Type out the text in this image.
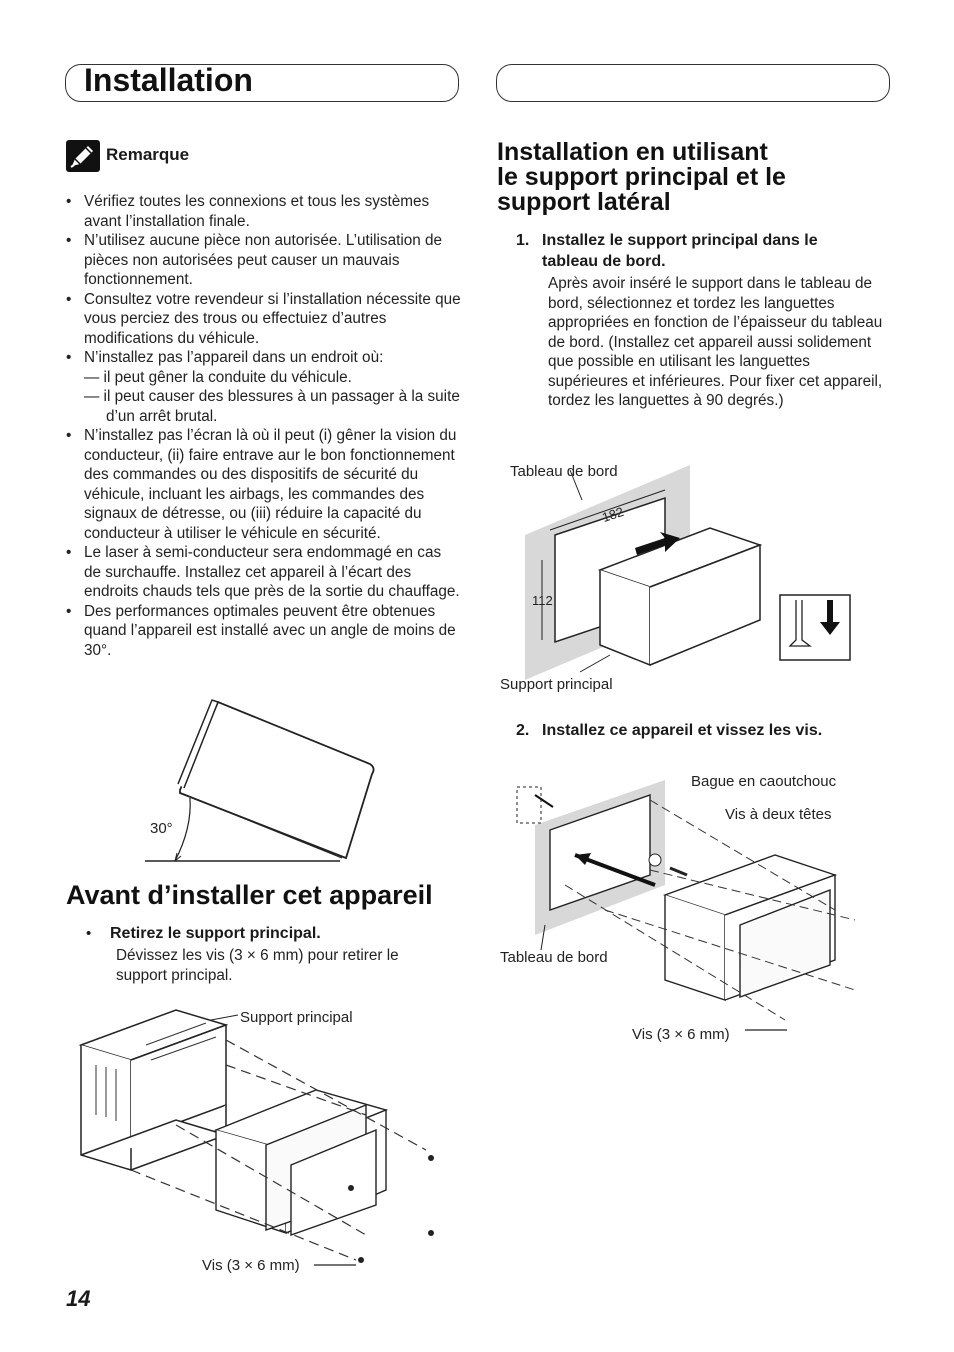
Installation
Remarque
• Vérifiez toutes les connexions et tous les systèmes avant l’installation finale.
• N’utilisez aucune pièce non autorisée. L’utilisation de pièces non autorisées peut causer un mauvais fonctionnement.
• Consultez votre revendeur si l’installation nécessite que vous perciez des trous ou effectuiez d’autres modifications du véhicule.
• N’installez pas l’appareil dans un endroit où:
— il peut gêner la conduite du véhicule.
— il peut causer des blessures à un passager à la suite d’un arrêt brutal.
• N’installez pas l’écran là où il peut (i) gêner la vision du conducteur, (ii) faire entrave aur le bon fonctionnement des commandes ou des dispositifs de sécurité du véhicule, incluant les airbags, les commandes des signaux de détresse, ou (iii) réduire la capacité du conducteur à utiliser le véhicule en sécurité.
• Le laser à semi-conducteur sera endommagé en cas de surchauffe. Installez cet appareil à l’écart des endroits chauds tels que près de la sortie du chauffage.
• Des performances optimales peuvent être obtenues quand l’appareil est installé avec un angle de moins de 30°.
30°
Avant d’installer cet appareil
• Retirez le support principal.
Dévissez les vis (3 × 6 mm) pour retirer le support principal.
Support principal
Vis (3 × 6 mm)
Installation en utilisant
le support principal et le
support latéral
1. Installez le support principal dans le
tableau de bord.
Après avoir inséré le support dans le tableau de bord, sélectionnez et tordez les languettes appropriées en fonction de l’épaisseur du tableau de bord. (Installez cet appareil aussi solidement que possible en utilisant les languettes supérieures et inférieures. Pour fixer cet appareil, tordez les languettes à 90 degrés.)
Tableau de bord
182
112
Support principal
2. Installez ce appareil et vissez les vis.
Bague en caoutchouc
Vis à deux têtes
Tableau de bord
Vis (3 × 6 mm)
14
